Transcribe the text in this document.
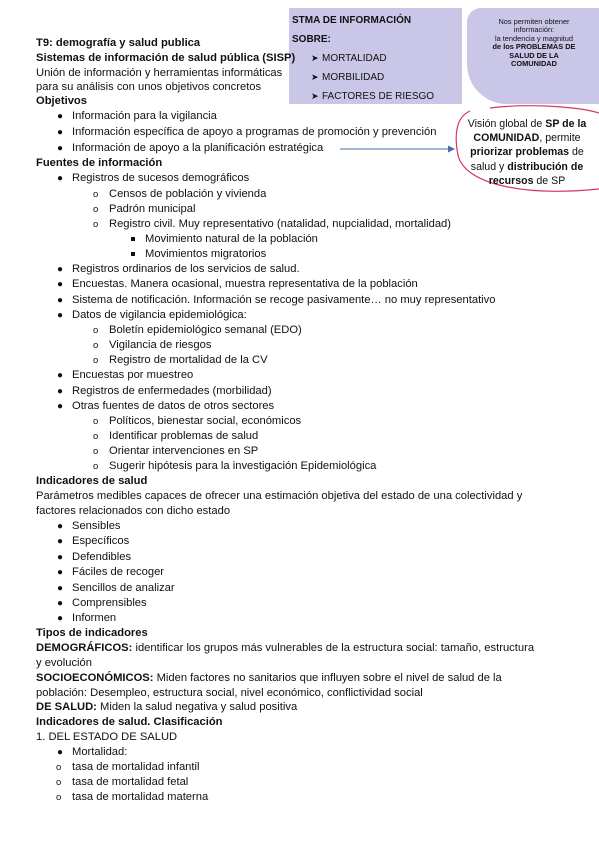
STMA DE INFORMACIÓN
SOBRE:
➤ MORTALIDAD
➤ MORBILIDAD
➤ FACTORES DE RIESGO
Nos permiten obtener
información:
la tendencia y magnitud
de los PROBLEMAS DE
SALUD DE LA
COMUNIDAD
Visión global de SP de la
COMUNIDAD, permite
priorizar problemas de
salud y distribución de
recursos de SP
T9: demografía y salud publica
Sistemas de información de salud pública (SISP)
Unión de información y herramientas informáticas
para su análisis con unos objetivos concretos
Objetivos
● Información para la vigilancia
● Información específica de apoyo a programas de promoción y prevención
● Información de apoyo a la planificación estratégica
Fuentes de información
● Registros de sucesos demográficos
o Censos de población y vivienda
o Padrón municipal
o Registro civil. Muy representativo (natalidad, nupcialidad, mortalidad)
Movimiento natural de la población
Movimientos migratorios
● Registros ordinarios de los servicios de salud.
● Encuestas. Manera ocasional, muestra representativa de la población
● Sistema de notificación. Información se recoge pasivamente… no muy representativo
● Datos de vigilancia epidemiológica:
o Boletín epidemiológico semanal (EDO)
o Vigilancia de riesgos
o Registro de mortalidad de la CV
● Encuestas por muestreo
● Registros de enfermedades (morbilidad)
● Otras fuentes de datos de otros sectores
o Políticos, bienestar social, económicos
o Identificar problemas de salud
o Orientar intervenciones en SP
o Sugerir hipótesis para la investigación Epidemiológica
Indicadores de salud
Parámetros medibles capaces de ofrecer una estimación objetiva del estado de una colectividad y
factores relacionados con dicho estado
● Sensibles
● Específicos
● Defendibles
● Fáciles de recoger
● Sencillos de analizar
● Comprensibles
● Informen
Tipos de indicadores
DEMOGRÁFICOS: identificar los grupos más vulnerables de la estructura social: tamaño, estructura
y evolución
SOCIOECONÓMICOS: Miden factores no sanitarios que influyen sobre el nivel de salud de la
población: Desempleo, estructura social, nivel económico, conflictividad social
DE SALUD: Miden la salud negativa y salud positiva
Indicadores de salud. Clasificación
1. DEL ESTADO DE SALUD
● Mortalidad:
o tasa de mortalidad infantil
o tasa de mortalidad fetal
o tasa de mortalidad materna
